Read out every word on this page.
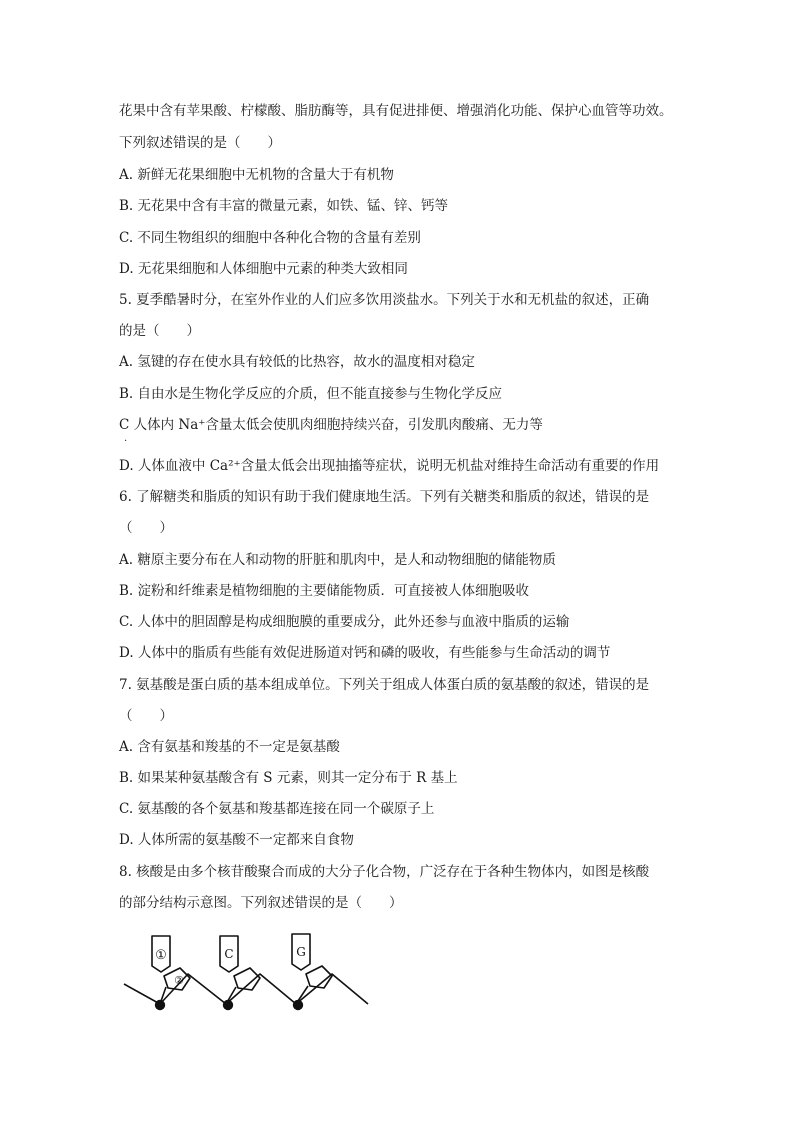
花果中含有苹果酸、柠檬酸、脂肪酶等，具有促进排便、增强消化功能、保护心血管等功效。
下列叙述错误的是（　　）
A. 新鲜无花果细胞中无机物的含量大于有机物
B. 无花果中含有丰富的微量元素，如铁、锰、锌、钙等
C. 不同生物组织的细胞中各种化合物的含量有差别
D. 无花果细胞和人体细胞中元素的种类大致相同
5. 夏季酷暑时分，在室外作业的人们应多饮用淡盐水。下列关于水和无机盐的叙述，正确
的是（　　）
A. 氢键的存在使水具有较低的比热容，故水的温度相对稳定
B. 自由水是生物化学反应的介质，但不能直接参与生物化学反应
C 人体内 Na⁺含量太低会使肌肉细胞持续兴奋，引发肌肉酸痛、无力等
.
D. 人体血液中 Ca²⁺含量太低会出现抽搐等症状，说明无机盐对维持生命活动有重要的作用
6. 了解糖类和脂质的知识有助于我们健康地生活。下列有关糖类和脂质的叙述，错误的是
（　　）
A. 糖原主要分布在人和动物的肝脏和肌肉中，是人和动物细胞的储能物质
B. 淀粉和纤维素是植物细胞的主要储能物质．可直接被人体细胞吸收
C. 人体中的胆固醇是构成细胞膜的重要成分，此外还参与血液中脂质的运输
D. 人体中的脂质有些能有效促进肠道对钙和磷的吸收，有些能参与生命活动的调节
7. 氨基酸是蛋白质的基本组成单位。下列关于组成人体蛋白质的氨基酸的叙述，错误的是
（　　）
A. 含有氨基和羧基的不一定是氨基酸
B. 如果某种氨基酸含有 S 元素，则其一定分布于 R 基上
C. 氨基酸的各个氨基和羧基都连接在同一个碳原子上
D. 人体所需的氨基酸不一定都来自食物
8. 核酸是由多个核苷酸聚合而成的大分子化合物，广泛存在于各种生物体内，如图是核酸
的部分结构示意图。下列叙述错误的是（　　）
①
②
C	G
